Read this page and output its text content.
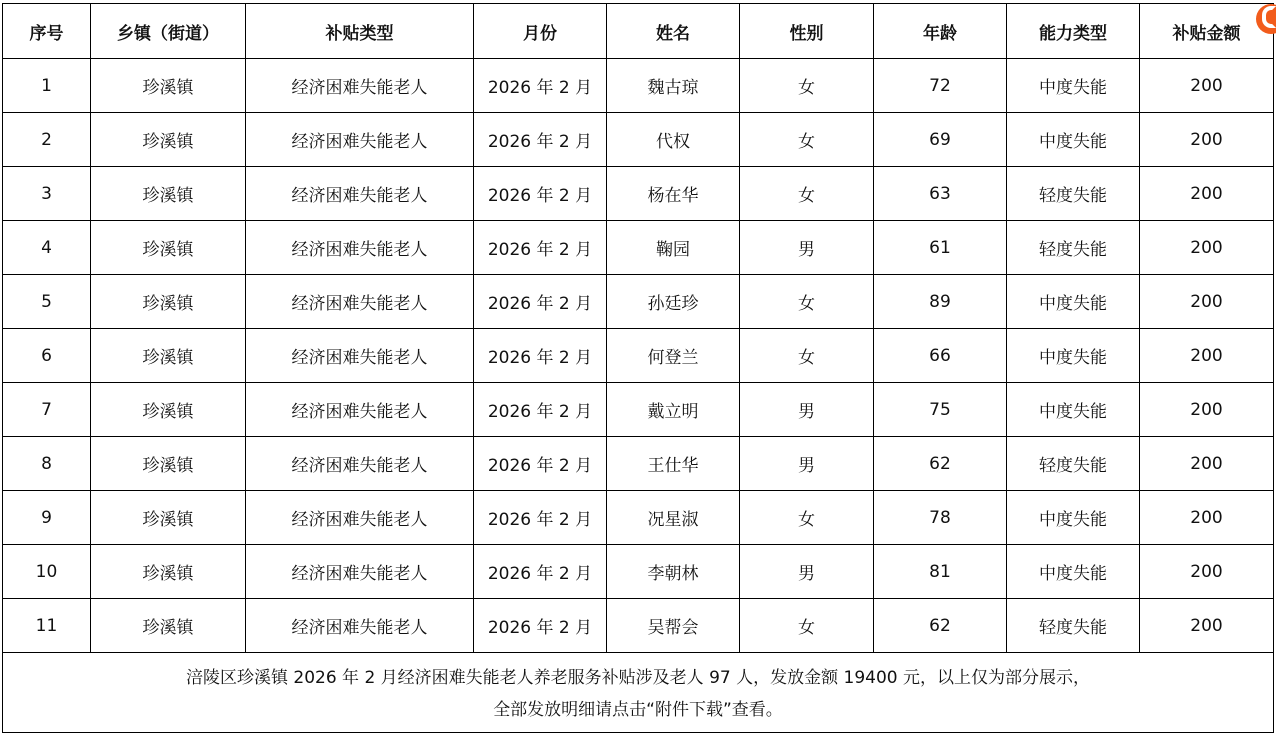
序号	乡镇（街道）	补贴类型	月份	姓名	性别	年龄	能力类型	补贴金额
1	珍溪镇	经济困难失能老人	2026 年 2 月	魏古琼	女	72	中度失能	200
2	珍溪镇	经济困难失能老人	2026 年 2 月	代权	女	69	中度失能	200
3	珍溪镇	经济困难失能老人	2026 年 2 月	杨在华	女	63	轻度失能	200
4	珍溪镇	经济困难失能老人	2026 年 2 月	鞠园	男	61	轻度失能	200
5	珍溪镇	经济困难失能老人	2026 年 2 月	孙廷珍	女	89	中度失能	200
6	珍溪镇	经济困难失能老人	2026 年 2 月	何登兰	女	66	中度失能	200
7	珍溪镇	经济困难失能老人	2026 年 2 月	戴立明	男	75	中度失能	200
8	珍溪镇	经济困难失能老人	2026 年 2 月	王仕华	男	62	轻度失能	200
9	珍溪镇	经济困难失能老人	2026 年 2 月	况星淑	女	78	中度失能	200
10	珍溪镇	经济困难失能老人	2026 年 2 月	李朝林	男	81	中度失能	200
11	珍溪镇	经济困难失能老人	2026 年 2 月	吴帮会	女	62	轻度失能	200

涪陵区珍溪镇 2026 年 2 月经济困难失能老人养老服务补贴涉及老人 97 人，发放金额 19400 元，以上仅为部分展示，
全部发放明细请点击“附件下载”查看。								
